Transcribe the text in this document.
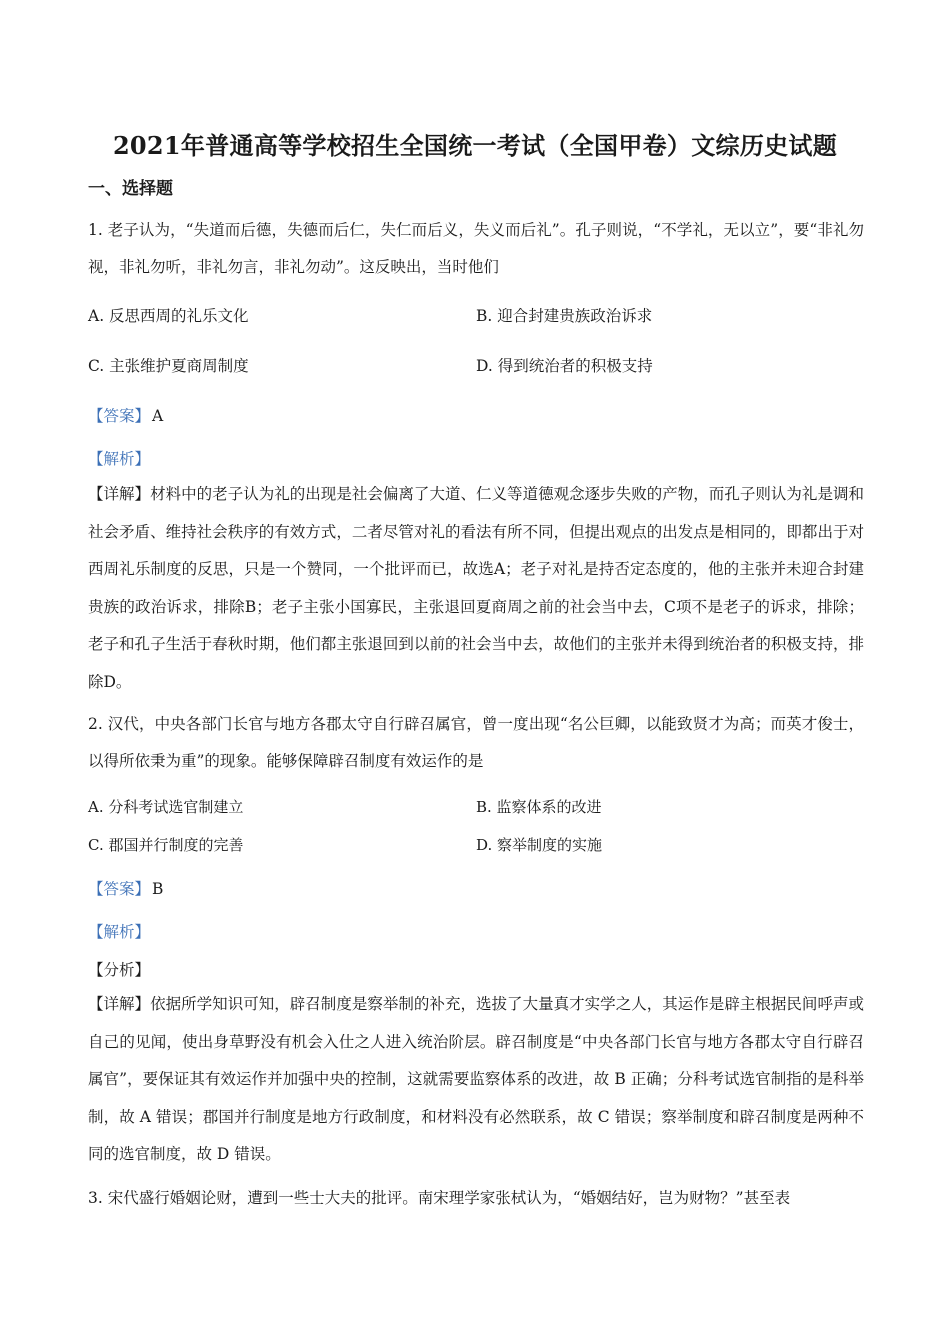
2021年普通高等学校招生全国统一考试（全国甲卷）文综历史试题
一、选择题
1. 老子认为，“失道而后德，失德而后仁，失仁而后义，失义而后礼”。孔子则说，“不学礼，无以立”，要“非礼勿视，非礼勿听，非礼勿言，非礼勿动”。这反映出，当时他们
A. 反思西周的礼乐文化	B. 迎合封建贵族政治诉求
C. 主张维护夏商周制度	D. 得到统治者的积极支持
【答案】 A
【解析】
【详解】材料中的老子认为礼的出现是社会偏离了大道、仁义等道德观念逐步失败的产物，而孔子则认为礼是调和社会矛盾、维持社会秩序的有效方式，二者尽管对礼的看法有所不同，但提出观点的出发点是相同的，即都出于对西周礼乐制度的反思，只是一个赞同，一个批评而已，故选A；老子对礼是持否定态度的，他的主张并未迎合封建贵族的政治诉求，排除B；老子主张小国寡民，主张退回夏商周之前的社会当中去，C项不是老子的诉求，排除；老子和孔子生活于春秋时期，他们都主张退回到以前的社会当中去，故他们的主张并未得到统治者的积极支持，排除D。
2. 汉代，中央各部门长官与地方各郡太守自行辟召属官，曾一度出现“名公巨卿，以能致贤才为高；而英才俊士，以得所依秉为重”的现象。能够保障辟召制度有效运作的是
A. 分科考试选官制建立	B. 监察体系的改进
C. 郡国并行制度的完善	D. 察举制度的实施
【答案】 B
【解析】
【分析】
【详解】依据所学知识可知，辟召制度是察举制的补充，选拔了大量真才实学之人，其运作是辟主根据民间呼声或自己的见闻，使出身草野没有机会入仕之人进入统治阶层。辟召制度是“中央各部门长官与地方各郡太守自行辟召属官”，要保证其有效运作并加强中央的控制，这就需要监察体系的改进，故 B 正确；分科考试选官制指的是科举制，故 A 错误；郡国并行制度是地方行政制度，和材料没有必然联系，故 C 错误；察举制度和辟召制度是两种不同的选官制度，故 D 错误。
3. 宋代盛行婚姻论财，遭到一些士大夫的批评。南宋理学家张栻认为，“婚姻结好，岂为财物？”甚至表
